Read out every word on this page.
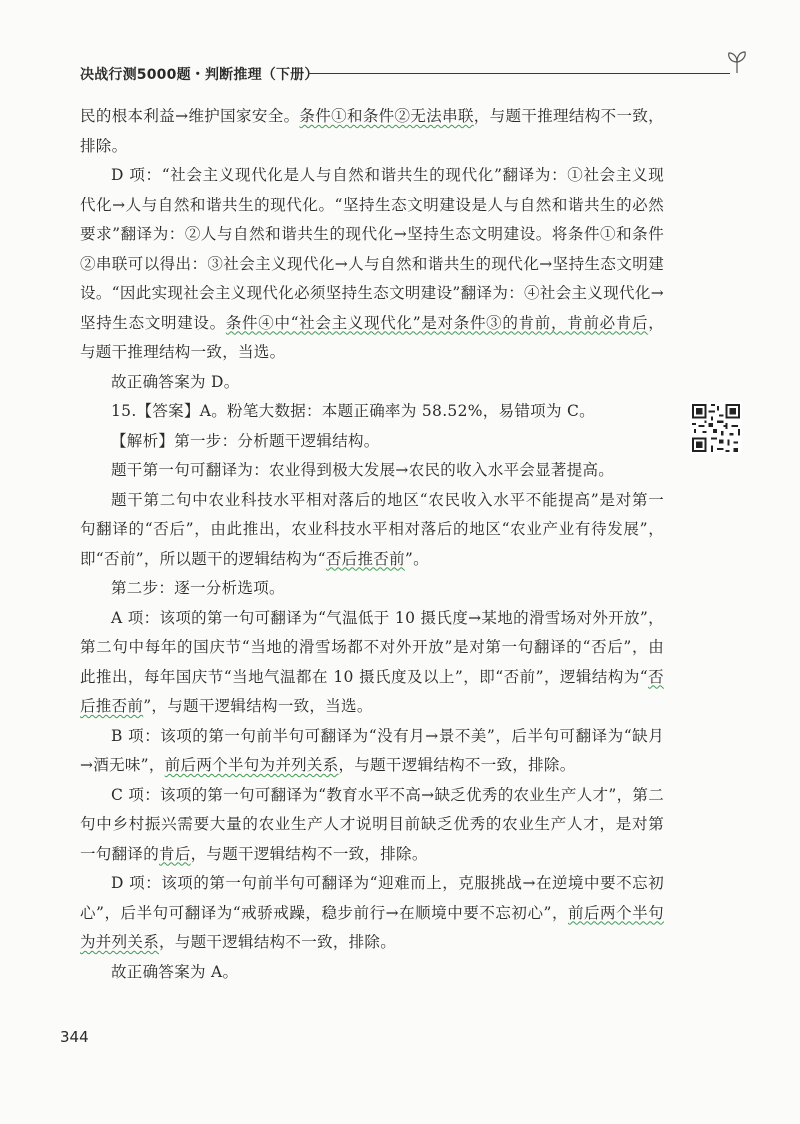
决战行测5000题・判断推理（下册）

民的根本利益→维护国家安全。条件①和条件②无法串联，与题干推理结构不一致，排除。

D 项：“社会主义现代化是人与自然和谐共生的现代化”翻译为：①社会主义现代化→人与自然和谐共生的现代化。“坚持生态文明建设是人与自然和谐共生的必然要求”翻译为：②人与自然和谐共生的现代化→坚持生态文明建设。将条件①和条件②串联可以得出：③社会主义现代化→人与自然和谐共生的现代化→坚持生态文明建设。“因此实现社会主义现代化必须坚持生态文明建设”翻译为：④社会主义现代化→坚持生态文明建设。条件④中“社会主义现代化”是对条件③的肯前，肯前必肯后，与题干推理结构一致，当选。

故正确答案为 D。

15.【答案】A。粉笔大数据：本题正确率为 58.52%，易错项为 C。

【解析】第一步：分析题干逻辑结构。

题干第一句可翻译为：农业得到极大发展→农民的收入水平会显著提高。

题干第二句中农业科技水平相对落后的地区“农民收入水平不能提高”是对第一句翻译的“否后”，由此推出，农业科技水平相对落后的地区“农业产业有待发展”，即“否前”，所以题干的逻辑结构为“否后推否前”。

第二步：逐一分析选项。

A 项：该项的第一句可翻译为“气温低于 10 摄氏度→某地的滑雪场对外开放”，第二句中每年的国庆节“当地的滑雪场都不对外开放”是对第一句翻译的“否后”，由此推出，每年国庆节“当地气温都在 10 摄氏度及以上”，即“否前”，逻辑结构为“否后推否前”，与题干逻辑结构一致，当选。

B 项：该项的第一句前半句可翻译为“没有月→景不美”，后半句可翻译为“缺月→酒无味”，前后两个半句为并列关系，与题干逻辑结构不一致，排除。

C 项：该项的第一句可翻译为“教育水平不高→缺乏优秀的农业生产人才”，第二句中乡村振兴需要大量的农业生产人才说明目前缺乏优秀的农业生产人才，是对第一句翻译的肯后，与题干逻辑结构不一致，排除。

D 项：该项的第一句前半句可翻译为“迎难而上，克服挑战→在逆境中要不忘初心”，后半句可翻译为“戒骄戒躁，稳步前行→在顺境中要不忘初心”，前后两个半句为并列关系，与题干逻辑结构不一致，排除。

故正确答案为 A。

344
